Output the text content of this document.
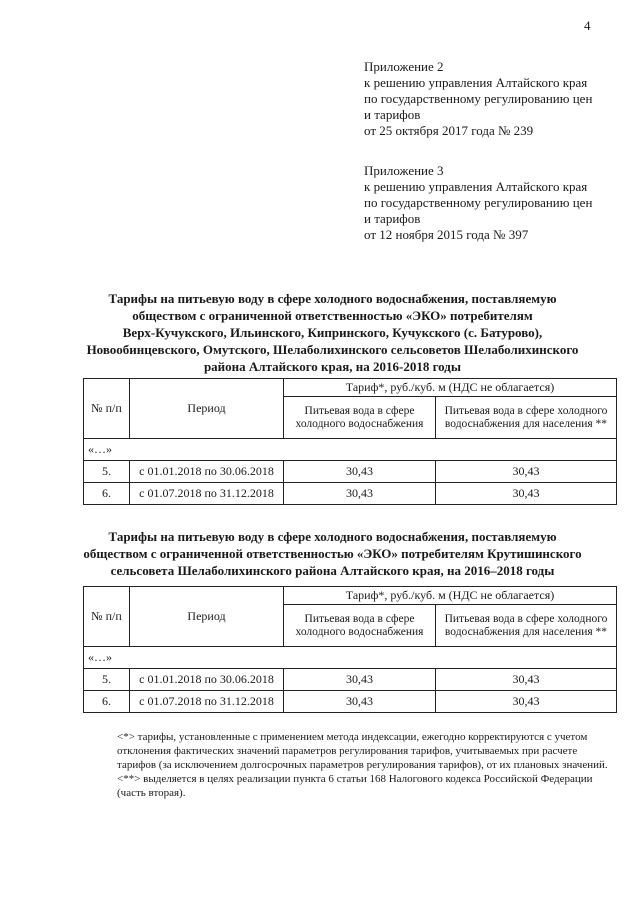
4
Приложение 2
к решению управления Алтайского края
по государственному регулированию цен
и тарифов
от 25 октября 2017 года № 239
Приложение 3
к решению управления Алтайского края
по государственному регулированию цен
и тарифов
от 12 ноября 2015 года № 397
Тарифы на питьевую воду в сфере холодного водоснабжения, поставляемую
обществом с ограниченной ответственностью «ЭКО» потребителям
Верх-Кучукского, Ильинского, Кипринского, Кучукского (с. Батурово),
Новообинцевского, Омутского, Шелаболихинского сельсоветов Шелаболихинского
района Алтайского края, на 2016-2018 годы
№ п/п	Период	Тариф*, руб./куб. м (НДС не облагается)	
		Питьевая вода в сфере холодного водоснабжения	Питьевая вода в сфере холодного водоснабжения для населения **
«…»			
5.	с 01.01.2018 по 30.06.2018	30,43	30,43
6.	с 01.07.2018 по 31.12.2018	30,43	30,43
Тарифы на питьевую воду в сфере холодного водоснабжения, поставляемую
обществом с ограниченной ответственностью «ЭКО» потребителям Крутишинского
сельсовета Шелаболихинского района Алтайского края, на 2016–2018 годы
№ п/п	Период	Тариф*, руб./куб. м (НДС не облагается)	
		Питьевая вода в сфере холодного водоснабжения	Питьевая вода в сфере холодного водоснабжения для населения **
«…»			
5.	с 01.01.2018 по 30.06.2018	30,43	30,43
6.	с 01.07.2018 по 31.12.2018	30,43	30,43

<*> тарифы, установленные с применением метода индексации, ежегодно корректируются с учетом отклонения фактических значений параметров регулирования тарифов, учитываемых при расчете тарифов (за исключением долгосрочных параметров регулирования тарифов), от их плановых значений.

<**> выделяется в целях реализации пункта 6 статьи 168 Налогового кодекса Российской Федерации (часть вторая).
